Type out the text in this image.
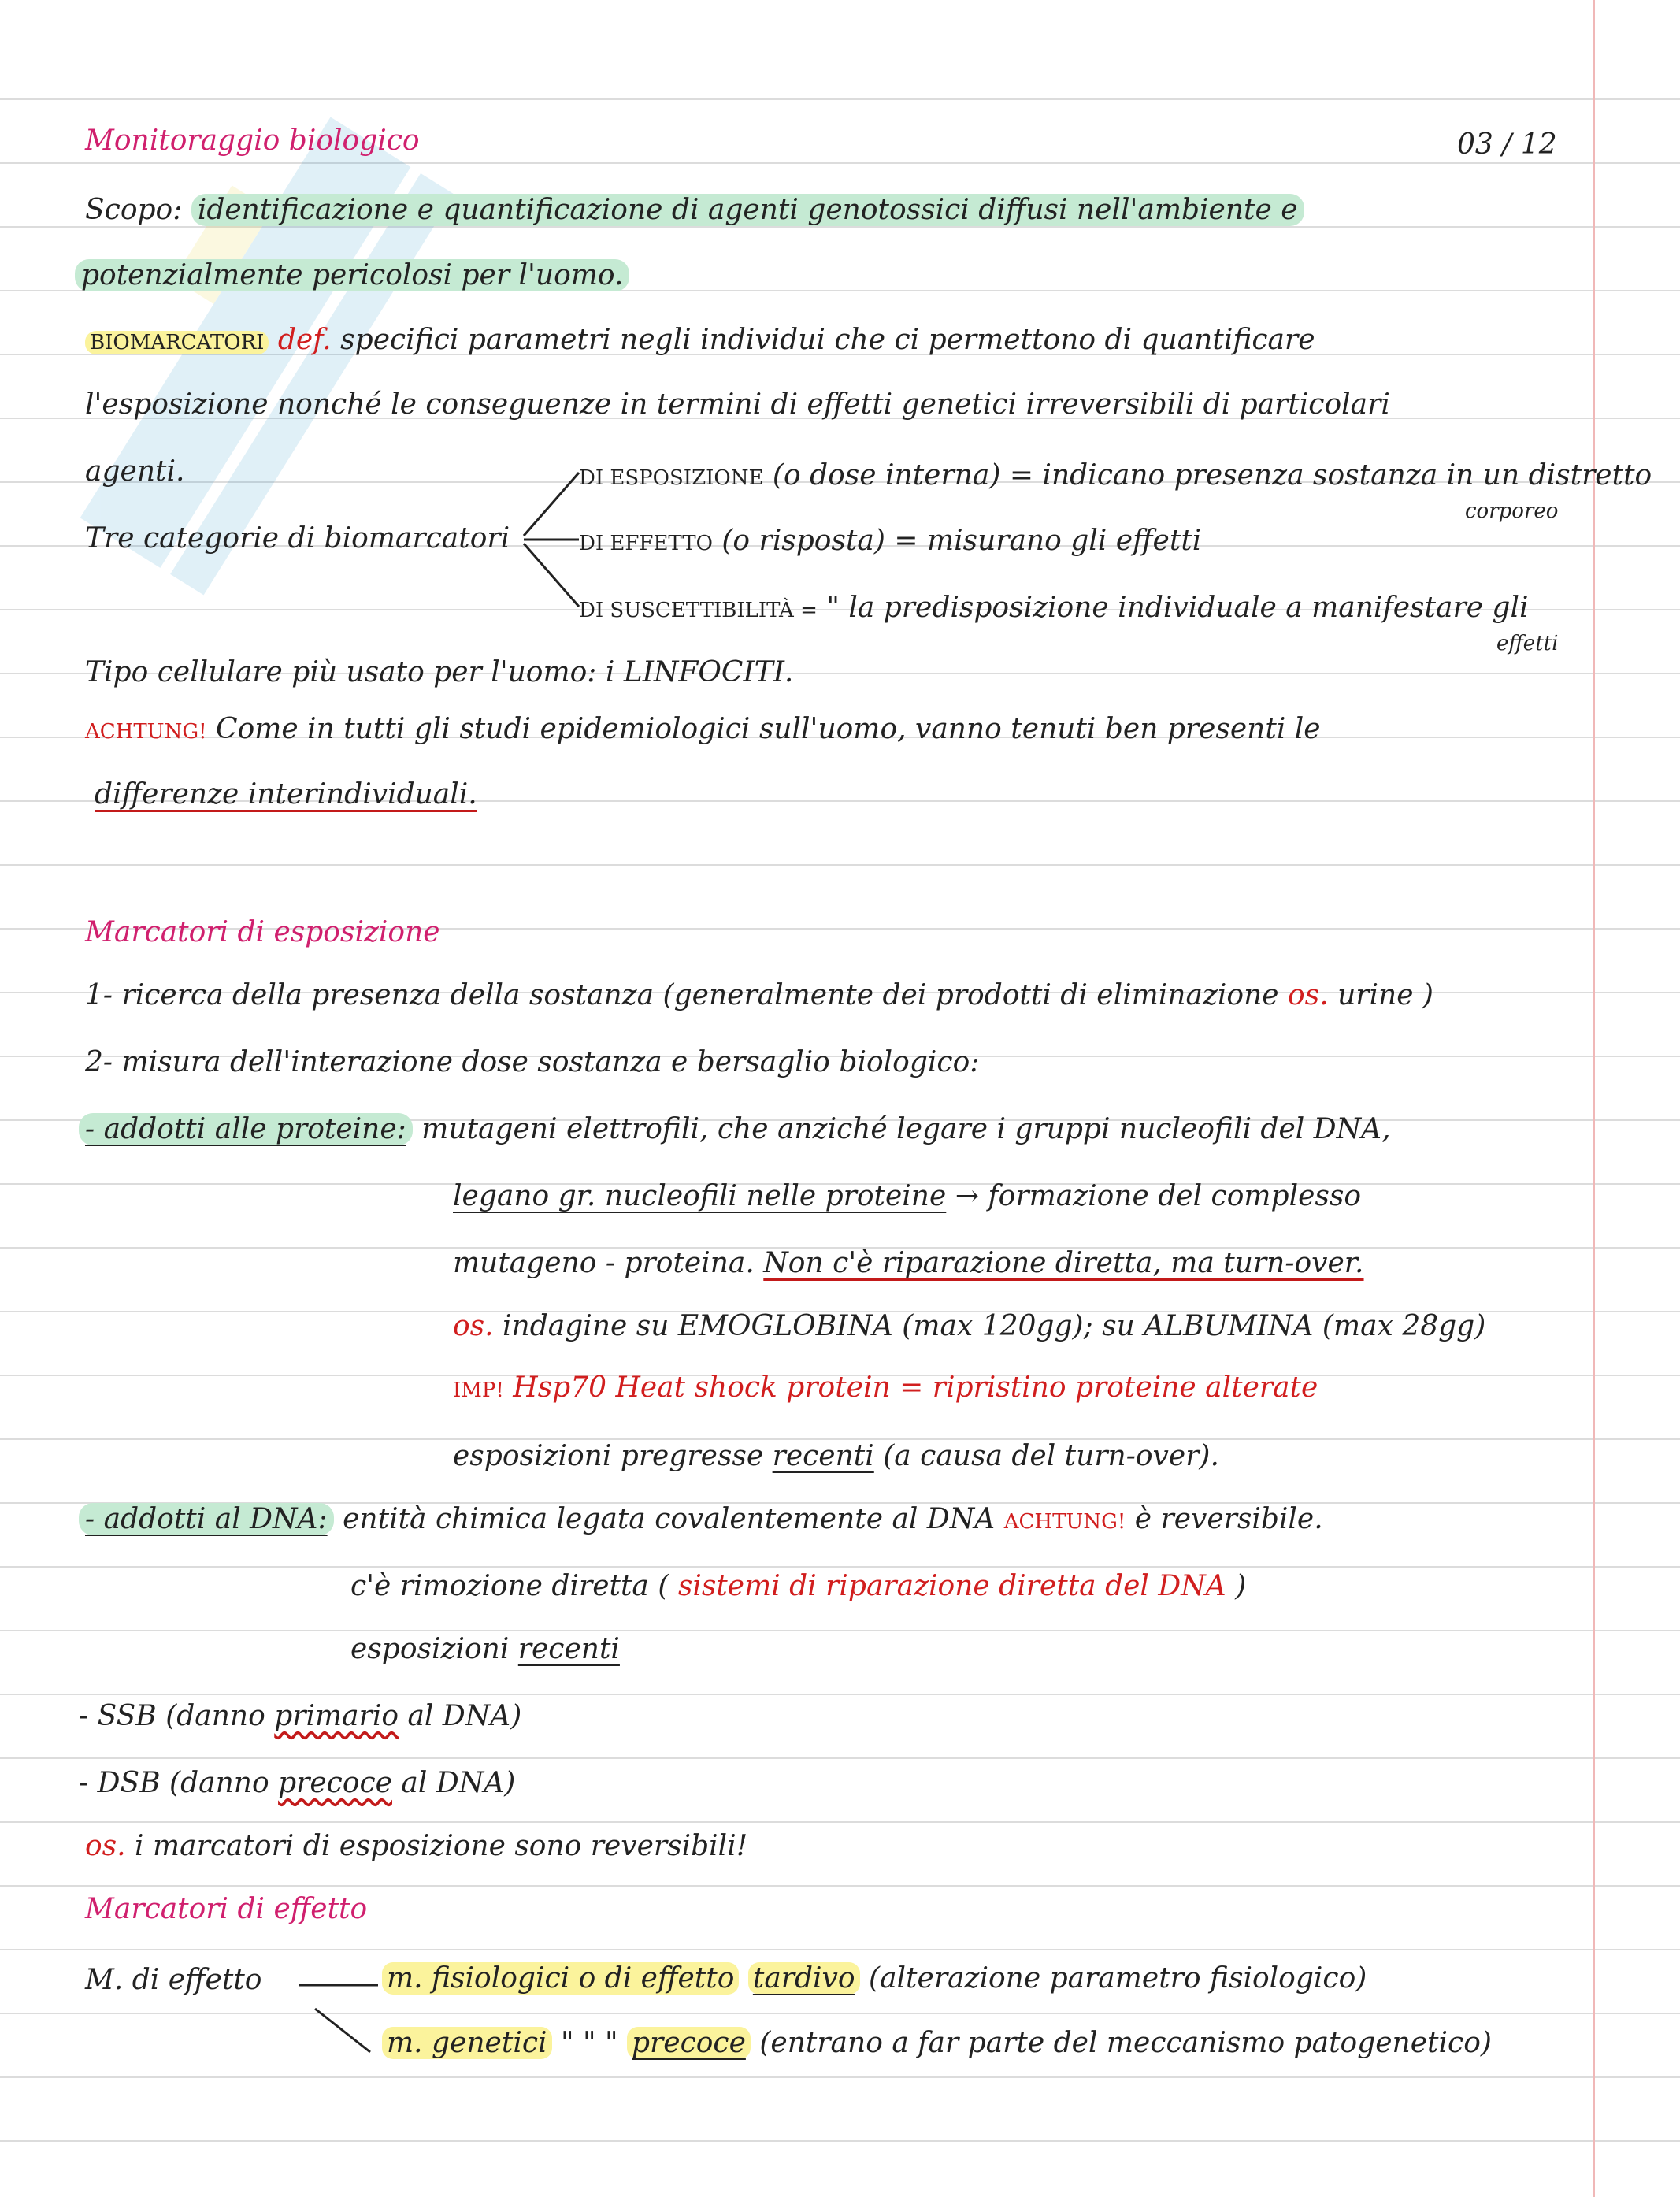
Monitoraggio biologico	03 / 12
Scopo: identificazione e quantificazione di agenti genotossici diffusi nell'ambiente e
potenzialmente pericolosi per l'uomo.
BIOMARCATORI def. specifici parametri negli individui che ci permettono di quantificare
l'esposizione nonché le conseguenze in termini di effetti genetici irreversibili di particolari
agenti.
Tre categorie di biomarcatori
DI ESPOSIZIONE (o dose interna) = indicano presenza sostanza in un distretto
corporeo
DI EFFETTO (o risposta) = misurano gli effetti
DI SUSCETTIBILITÀ = " la predisposizione individuale a manifestare gli
effetti
Tipo cellulare più usato per l'uomo: i LINFOCITI.
ACHTUNG! Come in tutti gli studi epidemiologici sull'uomo, vanno tenuti ben presenti le
differenze interindividuali.
Marcatori di esposizione
1- ricerca della presenza della sostanza (generalmente dei prodotti di eliminazione os. urine )
2- misura dell'interazione dose sostanza e bersaglio biologico:
- addotti alle proteine: mutageni elettrofili, che anziché legare i gruppi nucleofili del DNA,
legano gr. nucleofili nelle proteine → formazione del complesso
mutageno - proteina. Non c'è riparazione diretta, ma turn-over.
os. indagine su EMOGLOBINA (max 120gg); su ALBUMINA (max 28gg)
IMP! Hsp70 Heat shock protein = ripristino proteine alterate
esposizioni pregresse recenti (a causa del turn-over).
- addotti al DNA: entità chimica legata covalentemente al DNA ACHTUNG! è reversibile.
c'è rimozione diretta ( sistemi di riparazione diretta del DNA )
esposizioni recenti
- SSB (danno primario al DNA)
- DSB (danno precoce al DNA)
os. i marcatori di esposizione sono reversibili!
Marcatori di effetto
M. di effetto	m. fisiologici o di effetto tardivo (alterazione parametro fisiologico)
m. genetici " " " precoce (entrano a far parte del meccanismo patogenetico)
